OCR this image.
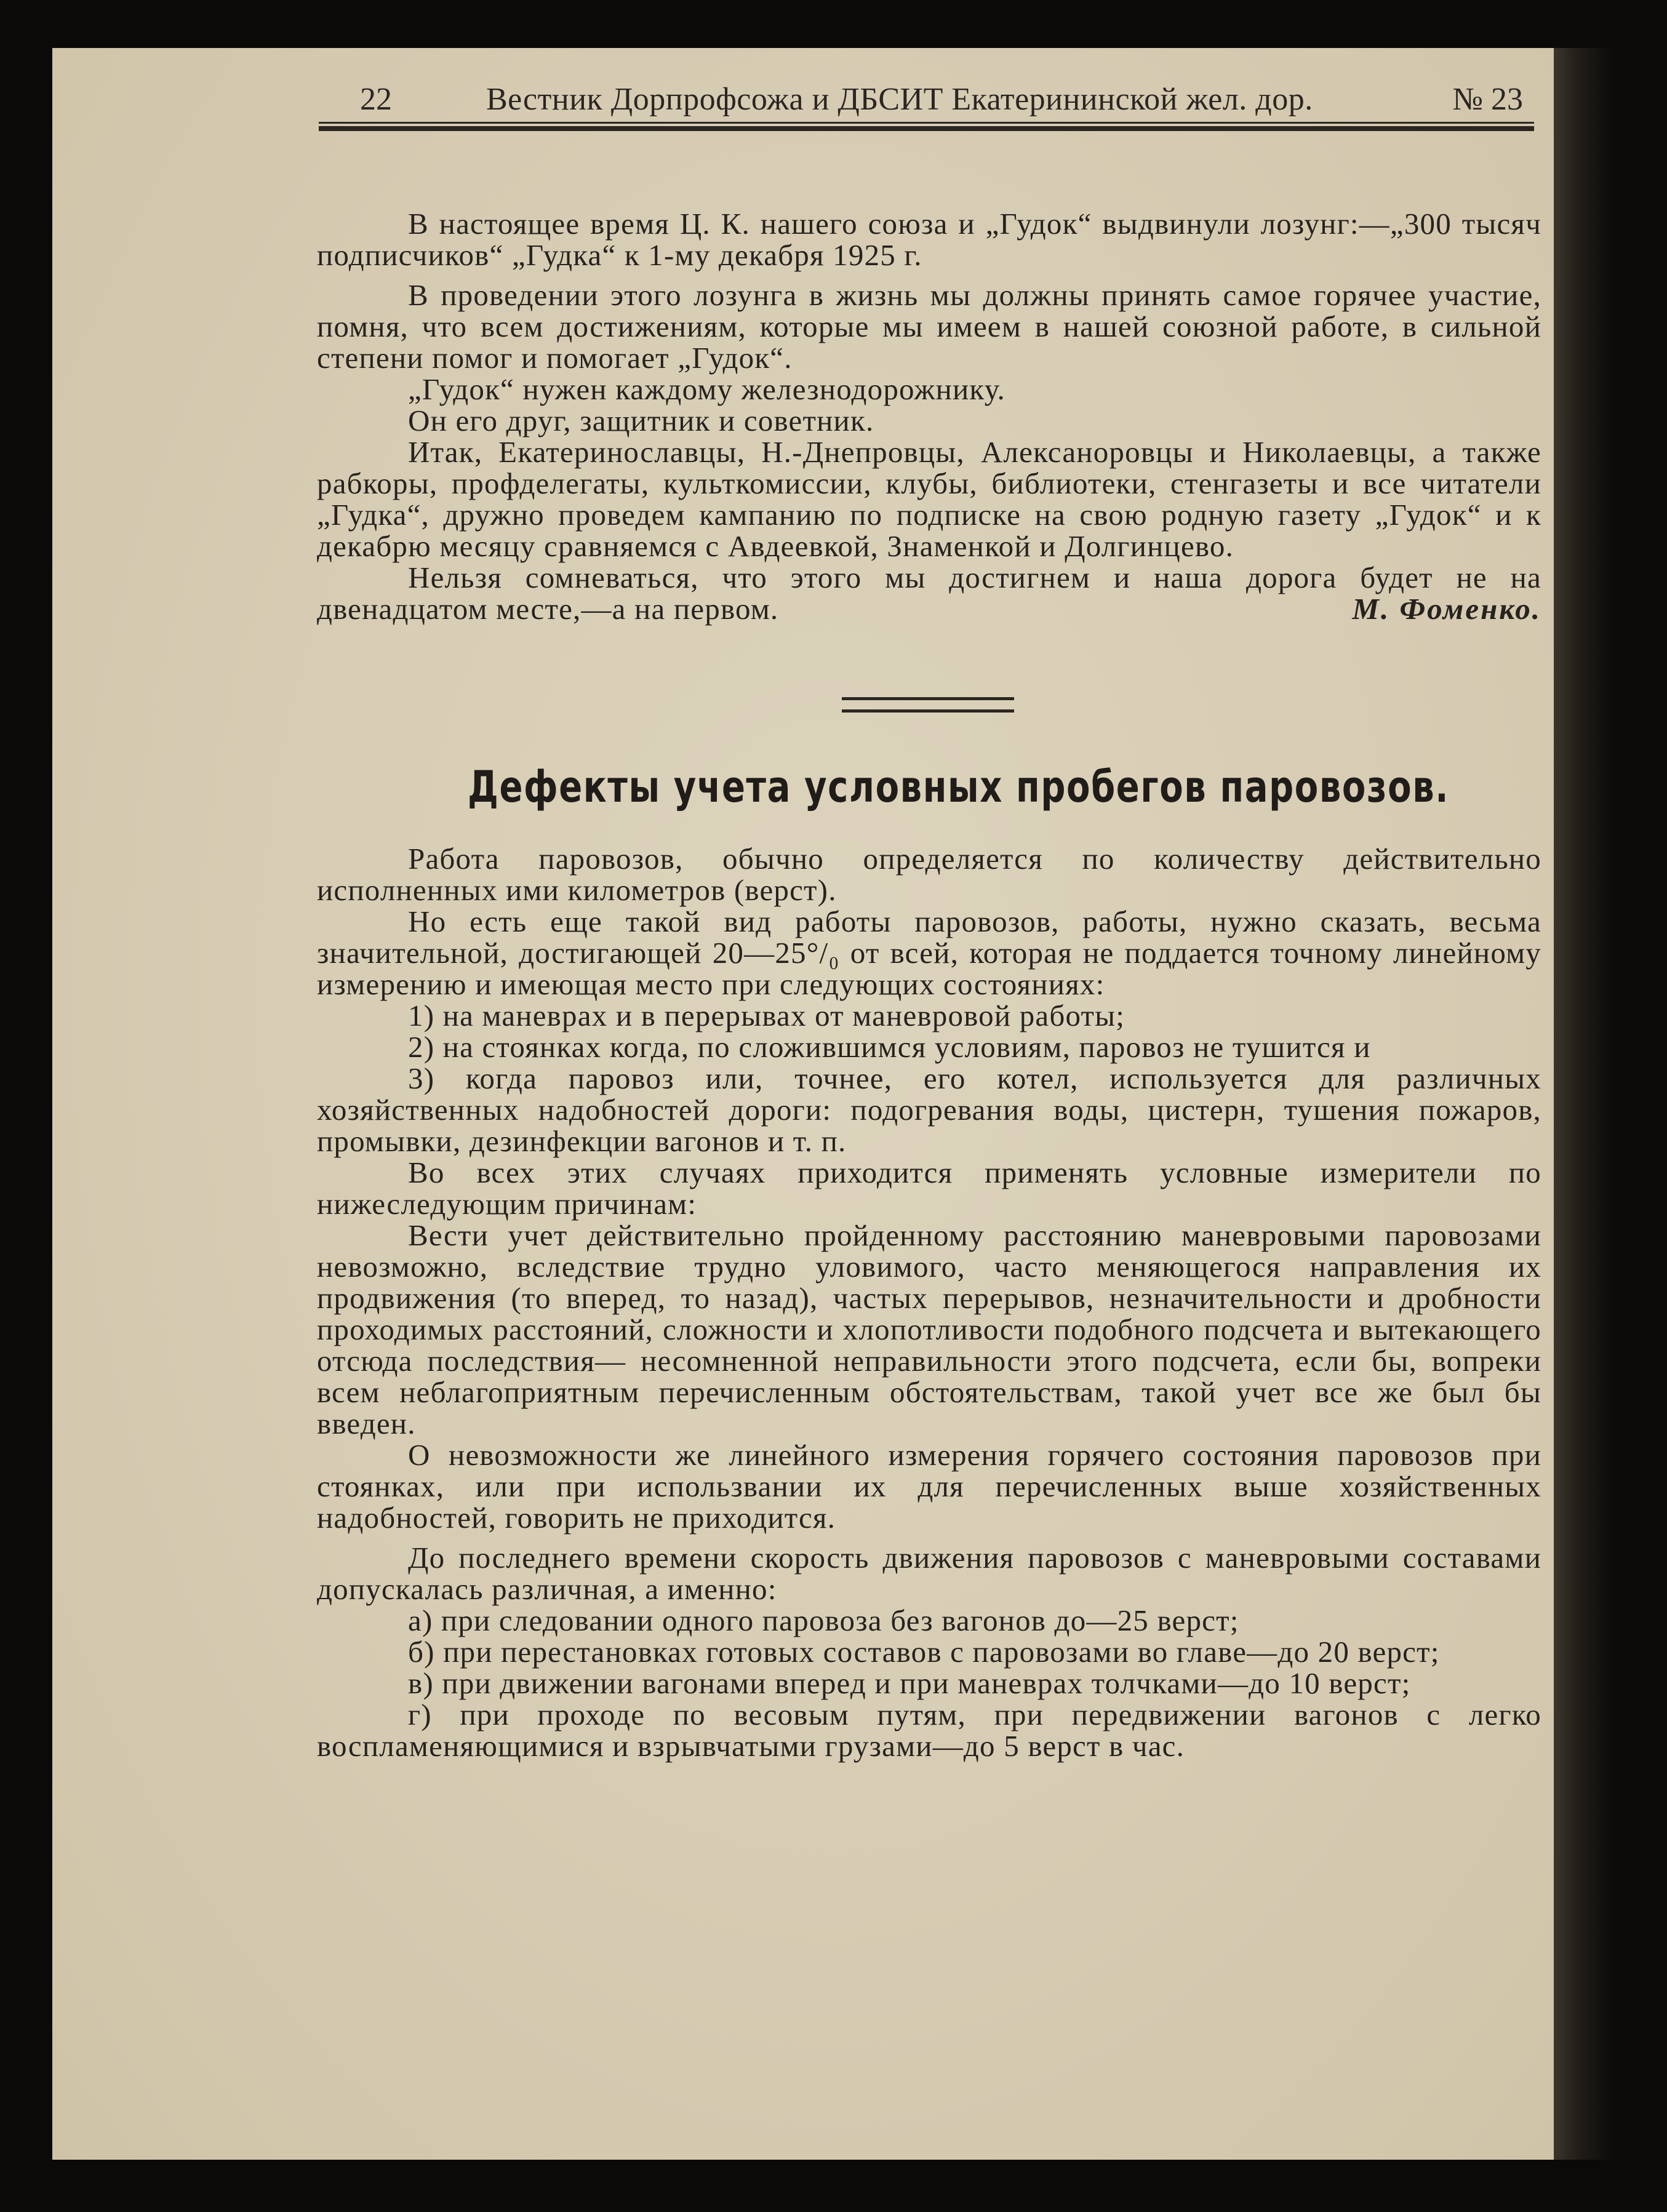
22	Вестник Дорпрофсожа и ДБСИТ Екатерининской жел. дор.	№ 23

В настоящее время Ц. К. нашего союза и „Гудок“ выдвинули лозунг:—„300 тысяч подписчиков“ „Гудка“ к 1-му декабря 1925 г.

В проведении этого лозунга в жизнь мы должны принять самое горячее участие, помня, что всем достижениям, которые мы имеем в нашей союзной работе, в сильной степени помог и помогает „Гудок“.

„Гудок“ нужен каждому железнодорожнику.

Он его друг, защитник и советник.

Итак, Екатеринославцы, Н.-Днепровцы, Алексаноровцы и Николаевцы, а также рабкоры, профделегаты, культкомиссии, клубы, библиотеки, стенгазеты и все читатели „Гудка“, дружно проведем кампанию по подписке на свою родную газету „Гудок“ и к декабрю месяцу сравняемся с Авдеевкой, Знаменкой и Долгинцево.

Нельзя сомневаться, что этого мы достигнем и наша дорога будет не на двенадцатом месте,—а на первом.	М. Фоменко.

Дефекты учета условных пробегов паровозов.

Работа паровозов, обычно определяется по количеству действительно исполненных ими километров (верст).

Но есть еще такой вид работы паровозов, работы, нужно сказать, весьма значительной, достигающей 20—25°/₀ от всей, которая не поддается точному линейному измерению и имеющая место при следующих состояниях:

1) на маневрах и в перерывах от маневровой работы;

2) на стоянках когда, по сложившимся условиям, паровоз не тушится и

3) когда паровоз или, точнее, его котел, используется для различных хозяйственных надобностей дороги: подогревания воды, цистерн, тушения пожаров, промывки, дезинфекции вагонов и т. п.

Во всех этих случаях приходится применять условные измерители по нижеследующим причинам:

Вести учет действительно пройденному расстоянию маневровыми паровозами невозможно, вследствие трудно уловимого, часто меняющегося направления их продвижения (то вперед, то назад), частых перерывов, незначительности и дробности проходимых расстояний, сложности и хлопотливости подобного подсчета и вытекающего отсюда последствия— несомненной неправильности этого подсчета, если бы, вопреки всем неблагоприятным перечисленным обстоятельствам, такой учет все же был бы введен.

О невозможности же линейного измерения горячего состояния паровозов при стоянках, или при использвании их для перечисленных выше хозяйственных надобностей, говорить не приходится.

До последнего времени скорость движения паровозов с маневровыми составами допускалась различная, а именно:

а) при следовании одного паровоза без вагонов до—25 верст;

б) при перестановках готовых составов с паровозами во главе—до 20 верст;

в) при движении вагонами вперед и при маневрах толчками—до 10 верст;

г) при проходе по весовым путям, при передвижении вагонов с легко воспламеняющимися и взрывчатыми грузами—до 5 верст в час.
